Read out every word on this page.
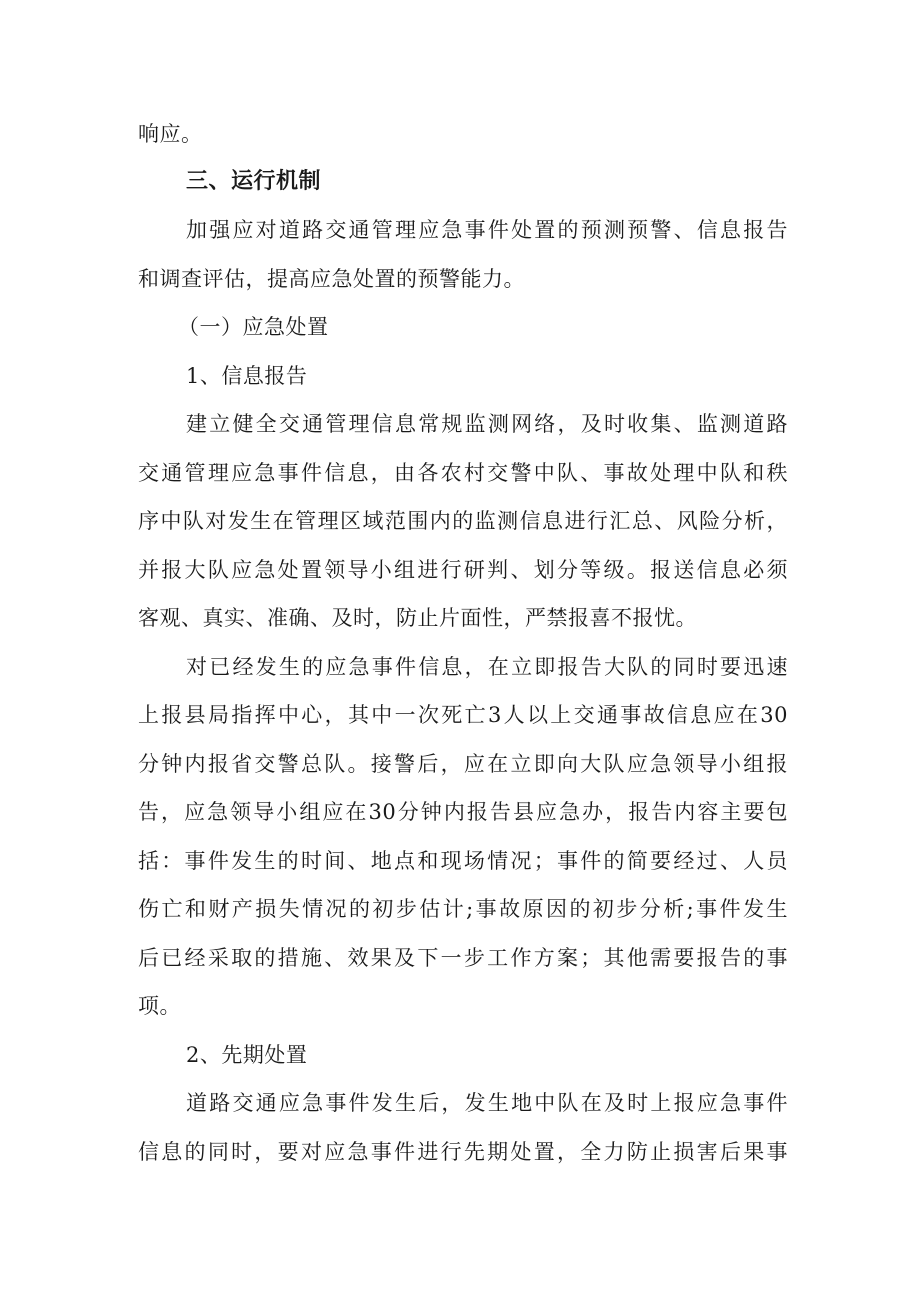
响应。
三、运行机制
加强应对道路交通管理应急事件处置的预测预警、信息报告
和调查评估，提高应急处置的预警能力。
（一）应急处置
1、信息报告
建立健全交通管理信息常规监测网络，及时收集、监测道路
交通管理应急事件信息，由各农村交警中队、事故处理中队和秩
序中队对发生在管理区域范围内的监测信息进行汇总、风险分析，
并报大队应急处置领导小组进行研判、划分等级。报送信息必须
客观、真实、准确、及时，防止片面性，严禁报喜不报忧。
对已经发生的应急事件信息，在立即报告大队的同时要迅速
上报县局指挥中心，其中一次死亡3人以上交通事故信息应在30
分钟内报省交警总队。接警后，应在立即向大队应急领导小组报
告，应急领导小组应在30分钟内报告县应急办，报告内容主要包
括：事件发生的时间、地点和现场情况；事件的简要经过、人员
伤亡和财产损失情况的初步估计;事故原因的初步分析;事件发生
后已经采取的措施、效果及下一步工作方案；其他需要报告的事
项。
2、先期处置
道路交通应急事件发生后，发生地中队在及时上报应急事件
信息的同时，要对应急事件进行先期处置，全力防止损害后果事
